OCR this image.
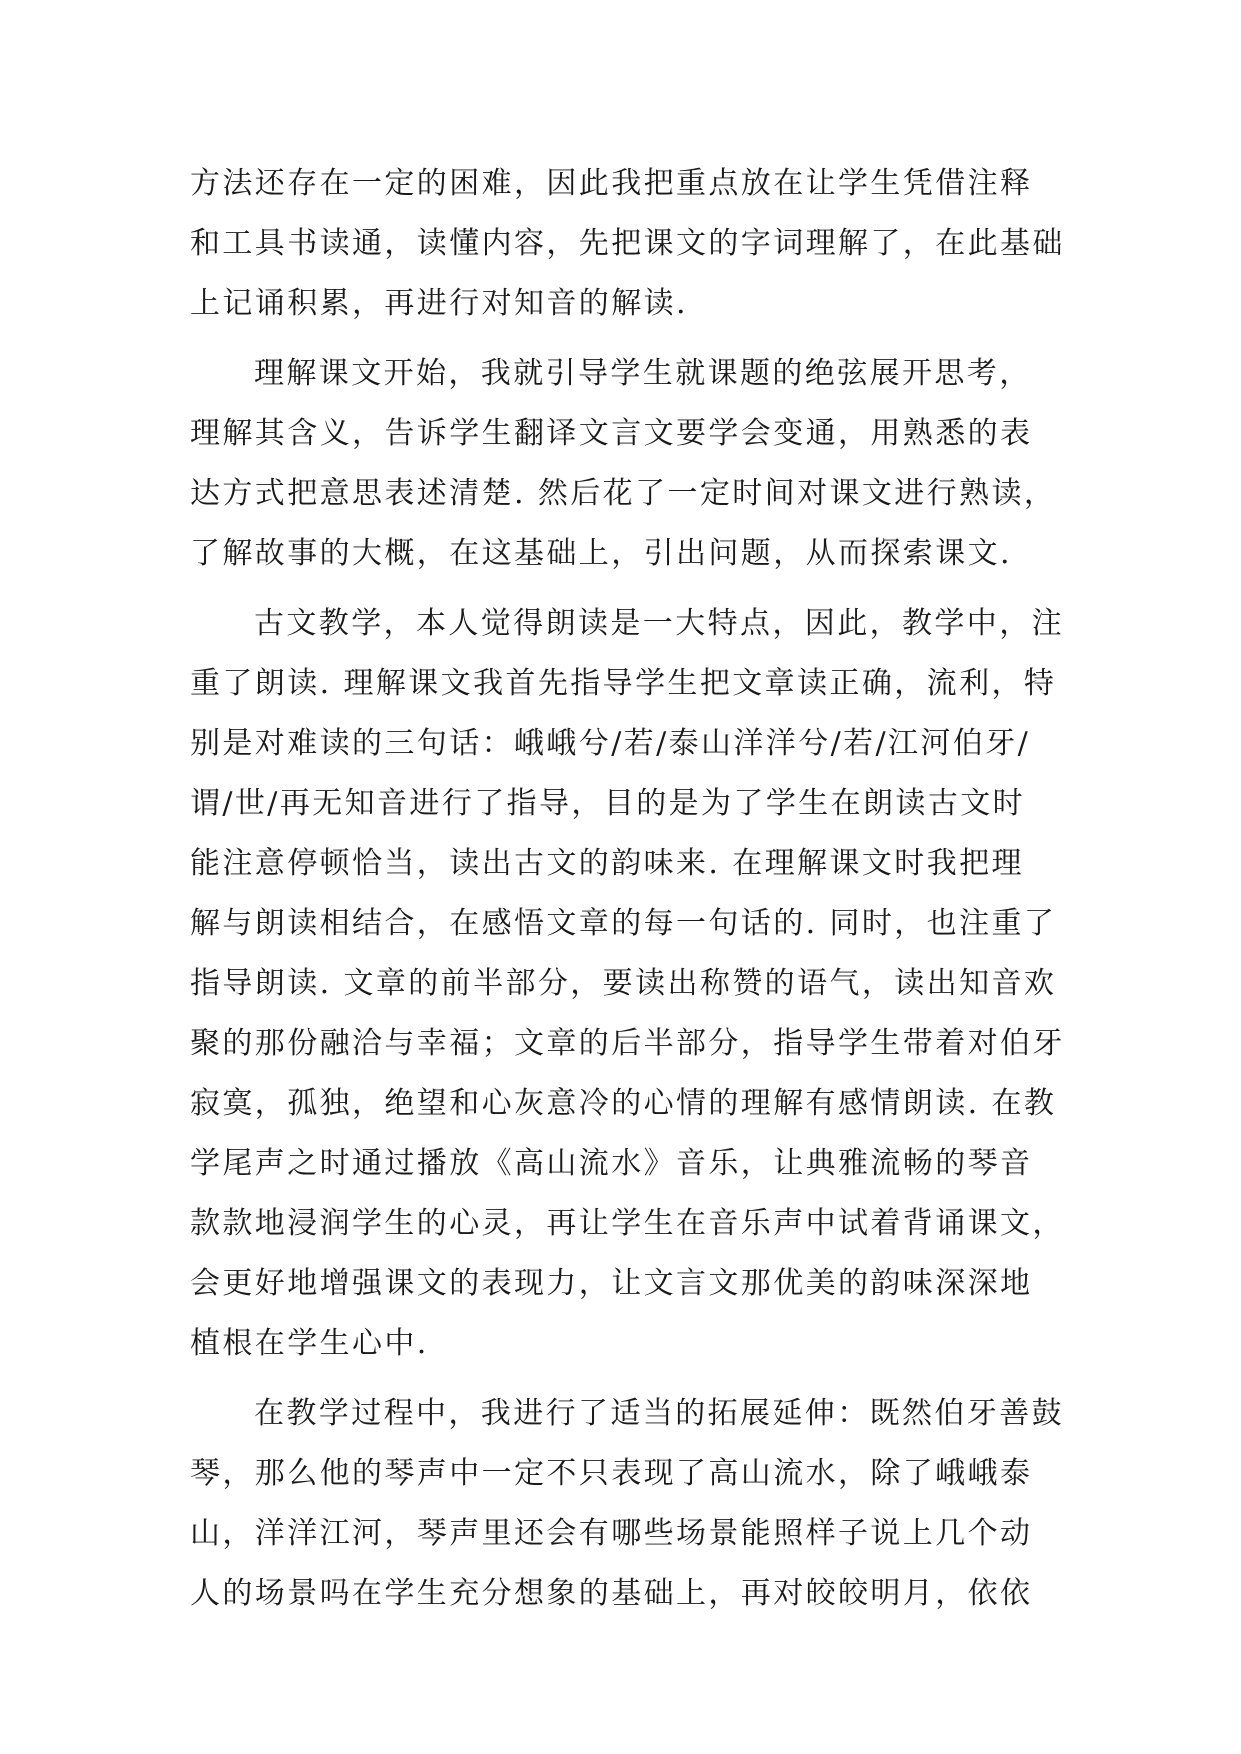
方法还存在一定的困难，因此我把重点放在让学生凭借注释
和工具书读通，读懂内容，先把课文的字词理解了，在此基础
上记诵积累，再进行对知音的解读.
理解课文开始，我就引导学生就课题的绝弦展开思考，
理解其含义，告诉学生翻译文言文要学会变通，用熟悉的表
达方式把意思表述清楚. 然后花了一定时间对课文进行熟读，
了解故事的大概，在这基础上，引出问题，从而探索课文.
古文教学，本人觉得朗读是一大特点，因此，教学中，注
重了朗读. 理解课文我首先指导学生把文章读正确，流利，特
别是对难读的三句话：峨峨兮/若/泰山洋洋兮/若/江河伯牙/
谓/世/再无知音进行了指导，目的是为了学生在朗读古文时
能注意停顿恰当，读出古文的韵味来. 在理解课文时我把理
解与朗读相结合，在感悟文章的每一句话的. 同时，也注重了
指导朗读. 文章的前半部分，要读出称赞的语气，读出知音欢
聚的那份融洽与幸福；文章的后半部分，指导学生带着对伯牙
寂寞，孤独，绝望和心灰意冷的心情的理解有感情朗读. 在教
学尾声之时通过播放《高山流水》音乐，让典雅流畅的琴音
款款地浸润学生的心灵，再让学生在音乐声中试着背诵课文，
会更好地增强课文的表现力，让文言文那优美的韵味深深地
植根在学生心中.
在教学过程中，我进行了适当的拓展延伸：既然伯牙善鼓
琴，那么他的琴声中一定不只表现了高山流水，除了峨峨泰
山，洋洋江河，琴声里还会有哪些场景能照样子说上几个动
人的场景吗在学生充分想象的基础上，再对皎皎明月，依依
